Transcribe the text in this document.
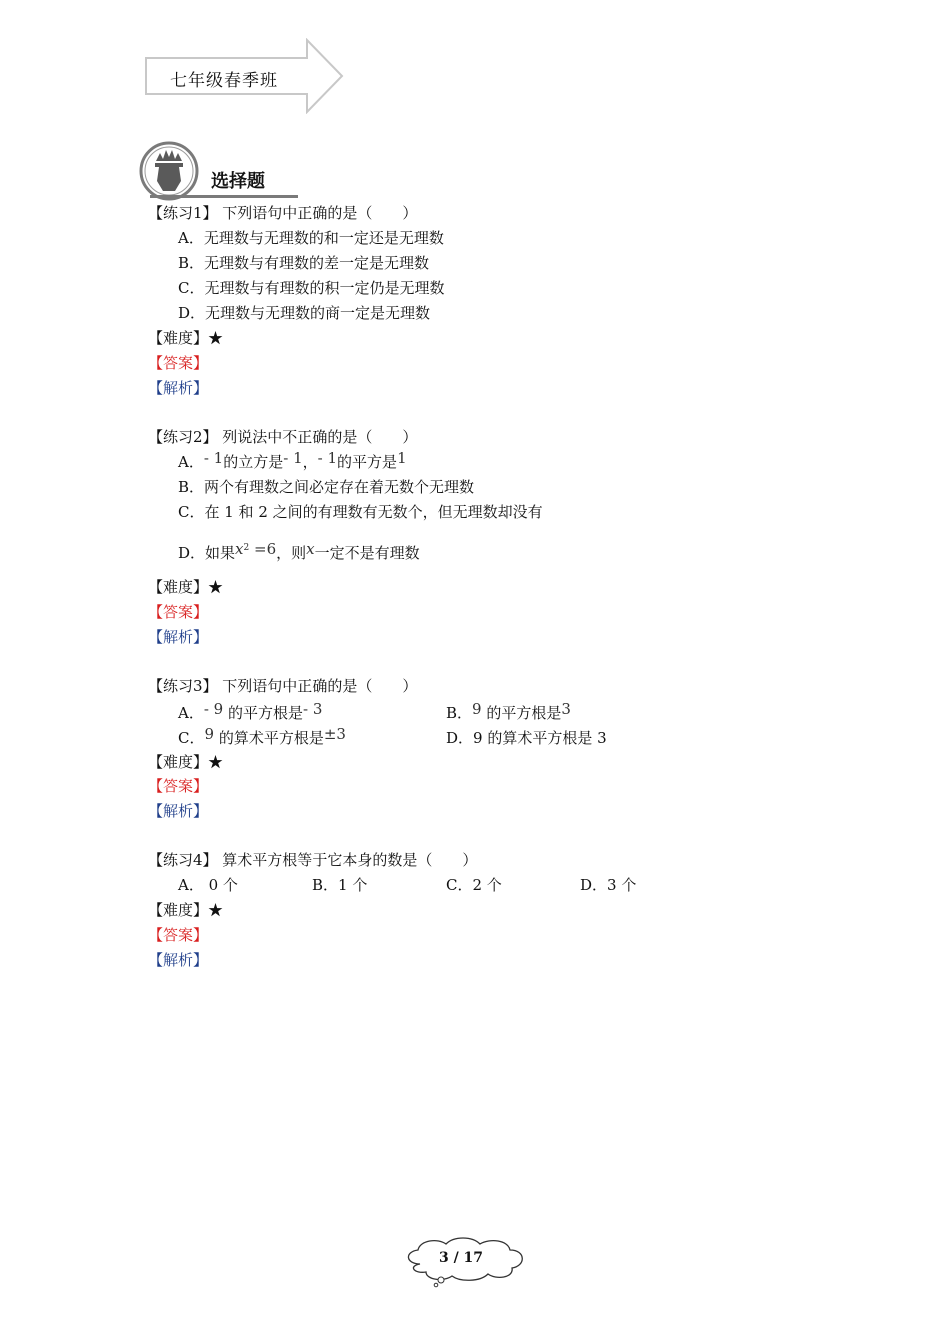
七年级春季班
选择题
【练习1】 下列语句中正确的是（　　）
A．无理数与无理数的和一定还是无理数
B．无理数与有理数的差一定是无理数
C．无理数与有理数的积一定仍是无理数
D．无理数与无理数的商一定是无理数
【难度】★
【答案】
【解析】
【练习2】 列说法中不正确的是（　　）
A．- 1的立方是- 1，- 1的平方是1
B．两个有理数之间必定存在着无数个无理数
C．在 1 和 2 之间的有理数有无数个，但无理数却没有
D．如果$x^2 =6$，则x一定不是有理数
【难度】★
【答案】
【解析】
【练习3】 下列语句中正确的是（　　）
A．- 9 的平方根是- 3	B．9 的平方根是3
C．9 的算术平方根是±3	D．9 的算术平方根是 3
【难度】★
【答案】
【解析】
【练习4】 算术平方根等于它本身的数是（　　）
A． 0 个	B．1 个	C．2 个	D．3 个
【难度】★
【答案】
【解析】
3 / 17
